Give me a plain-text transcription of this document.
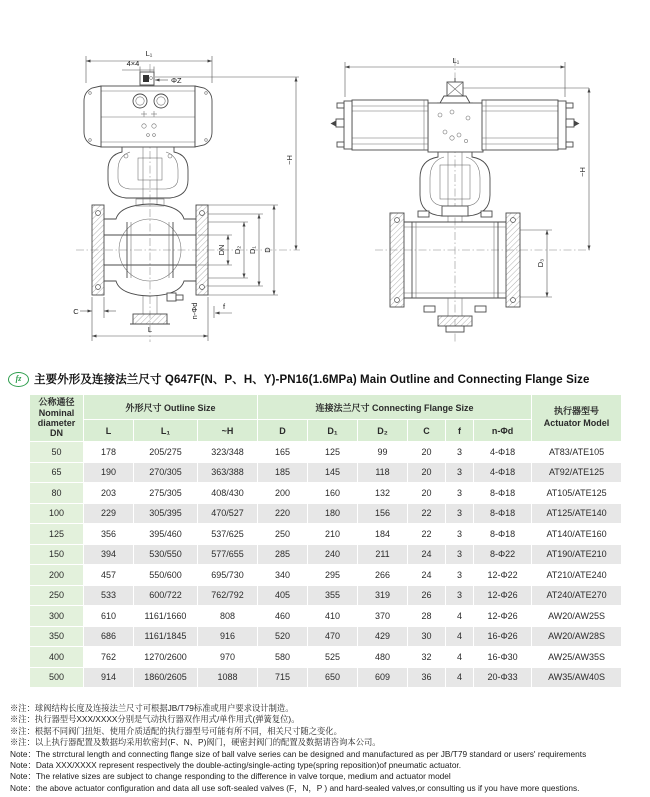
L₁
4×4
ΦZ
DN D₂ D₁ D
~H
C	n-Φd	f
L
L₁
D₃
~H
fz 主要外形及连接法兰尺寸 Q647F(N、P、H、Y)-PN16(1.6MPa) Main Outline and Connecting Flange Size
公称通径
Nominal
diameter
DN	外形尺寸 Outline Size			连接法兰尺寸 Connecting Flange Size						执行器型号
Actuator Model

	L	L₁	~H	D	D₁	D₂	C	f	n-Φd	
50	178	205/275	323/348	165	125	99	20	3	4-Φ18	AT83/ATE105
65	190	270/305	363/388	185	145	118	20	3	4-Φ18	AT92/ATE125
80	203	275/305	408/430	200	160	132	20	3	8-Φ18	AT105/ATE125
100	229	305/395	470/527	220	180	156	22	3	8-Φ18	AT125/ATE140
125	356	395/460	537/625	250	210	184	22	3	8-Φ18	AT140/ATE160
150	394	530/550	577/655	285	240	211	24	3	8-Φ22	AT190/ATE210
200	457	550/600	695/730	340	295	266	24	3	12-Φ22	AT210/ATE240
250	533	600/722	762/792	405	355	319	26	3	12-Φ26	AT240/ATE270
300	610	1161/1660	808	460	410	370	28	4	12-Φ26	AW20/AW25S
350	686	1161/1845	916	520	470	429	30	4	16-Φ26	AW20/AW28S
400	762	1270/2600	970	580	525	480	32	4	16-Φ30	AW25/AW35S
500	914	1860/2605	1088	715	650	609	36	4	20-Φ33	AW35/AW40S
※注：球阀结构长度及连接法兰尺寸可根据JB/T79标准或用户要求设计制造。
※注：执行器型号XXX/XXXX分别是气动执行器双作用式/单作用式(弹簧复位)。
※注：根据不同阀门扭矩、使用介质适配的执行器型号可能有所不同，相关尺寸随之变化。
※注：以上执行器配置及数据均采用软密封(F、N、P)阀门，硬密封阀门的配置及数据请咨询本公司。
Note：The strrctural length and connecting flange size of ball valve series can be designed and manufactured as per JB/T79 standard or users' requirements
Note：Data XXX/XXXX represent respectively the double-acting/single-acting type(spring reposition)of pneumatic actuator.
Note：The relative sizes are subject to change responding to the difference in valve torque, medium and actuator model
Note：the above actuator configuration and data all use soft-sealed valves (F，N，P ) and hard-sealed valves,or consulting us if you have more questions.
